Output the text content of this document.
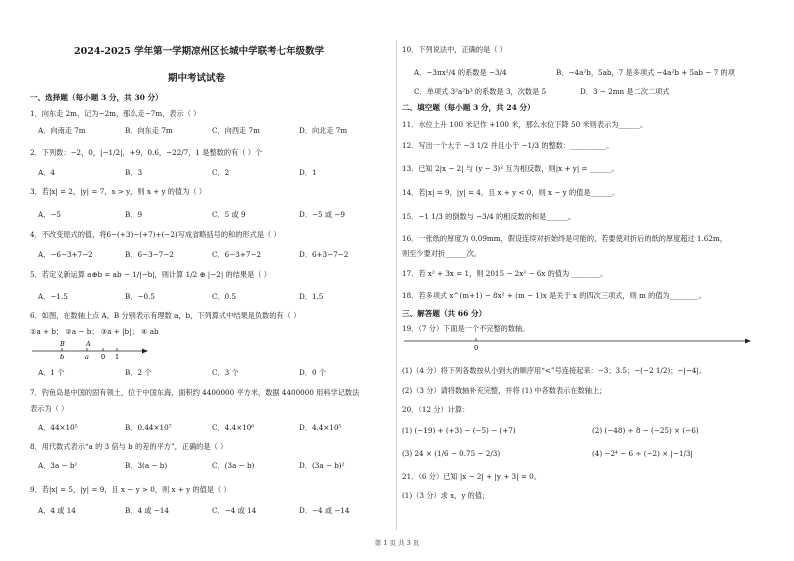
2024-2025 学年第一学期凉州区长城中学联考七年级数学
期中考试试卷
一、选择题（每小题 3 分，共 30 分）
1．向东走 2m，记为−2m，那么走−7m，表示（ ）
A．向南走 7m	B．向东走 7m	C．向西走 7m	D．向北走 7m
2．下列数：−2，0，|−1/2|，+9，0.6，−22/7，1 是整数的有（ ）个
A．4	B．3	C．2	D．1
3．若|x| = 2，|y| = 7，x > y，则 x + y 的值为（ ）
A．−5	B．9	C．5 或 9	D．−5 或 −9
4．不改变原式的值，将6−(+3)−(+7)+(−2)写成省略括号的和的形式是（ ）
A．−6−3+7−2	B．6−3−7−2	C．6−3+7−2	D．6+3−7−2
5．若定义新运算 a⊕b = ab − 1/|−b|，则计算 1/2 ⊕ |−2| 的结果是（ ）
A．−1.5	B．−0.5	C．0.5	D．1.5
6．如图，在数轴上点 A，B 分别表示有理数 a，b，下列算式中结果是负数的有（ ）
①a + b； ②a − b； ③a + |b|； ④ ab
B	A
b	a 0 1
A．1 个	B．2 个	C．3 个	D．0 个
7．钓鱼岛是中国的固有领土，位于中国东海，面积约 4400000 平方米，数据 4400000 用科学记数法
表示为（ ）
A．44×10⁵	B．0.44×10⁷	C．4.4×10⁶	D．4.4×10⁵
8．用代数式表示“a 的 3 倍与 b 的差的平方”，正确的是（ ）
A．3a − b²	B．3(a − b)	C．(3a − b)	D．(3a − b)²
9．若|x| = 5，|y| = 9，且 x − y > 0，则 x + y 的值是（ ）
A．4 或 14	B．4 或 −14	C．−4 或 14	D．−4 或 −14
10．下列说法中，正确的是（ ）
A．−3πx²/4 的系数是 −3/4	B．−4a²b，5ab，7 是多项式 −4a²b + 5ab − 7 的项
C．单项式 3²a²b³ 的系数是 3，次数是 5	D．3 − 2mn 是二次二项式
二、填空题（每小题 3 分，共 24 分）
11．水位上升 100 米记作 +100 米，那么水位下降 50 米则表示为______。
12．写出一个大于 −3 1/2 并且小于 −1/3 的整数：__________。
13．已知 2|x − 2| 与 (y − 3)² 互为相反数，则|x + y| = ______。
14．若|x| = 9，|y| = 4，且 x + y < 0，则 x − y 的值是______。
15．−1 1/3 的倒数与 −3/4 的相反数的和是______。
16．一张纸的厚度为 0.09mm，假设连续对折始终是可能的，若要使对折后的纸的厚度超过 1.62m，
则至少要对折______次。
17．若 x² + 3x = 1，则 2015 − 2x² − 6x 的值为 ________。
18．若多项式 x^(m+1) − 8x² + (m − 1)x 是关于 x 的四次三项式，则 m 的值为________。
三、解答题（共 66 分）
19．（7 分）下面是一个不完整的数轴。
0
(1)（4 分）将下列各数按从小到大的顺序用“<”号连接起来：−3；3.5；−(−2 1/2)；−|−4|。
(2)（3 分）请将数轴补充完整，并将 (1) 中各数表示在数轴上；
20．（12 分）计算：
(1) (−19) + (+3) − (−5) − (+7)	(2) (−48) ÷ 8 − (−25) × (−6)
(3) 24 × (1/6 − 0.75 − 2/3)	(4) −2⁴ − 6 ÷ (−2) × |−1/3|
21．（6 分）已知 |x − 2| + |y + 3| = 0。
(1)（3 分）求 x，y 的值；
第 1 页 共 3 页
